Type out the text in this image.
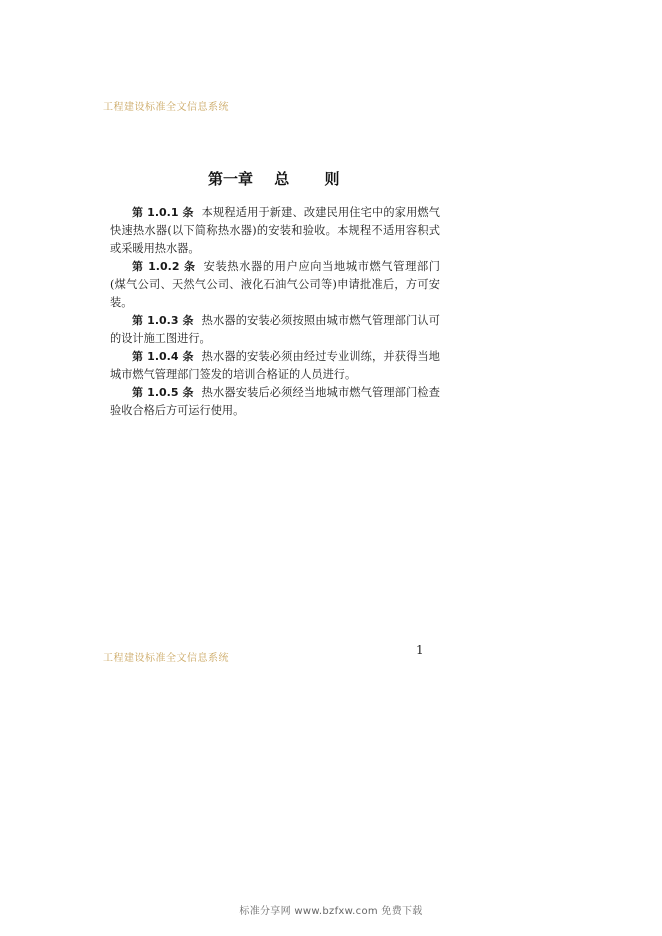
工程建设标准全文信息系统
第一章 总 则

第 1.0.1 条 本规程适用于新建、改建民用住宅中的家用燃气快速热水器(以下简称热水器)的安装和验收。本规程不适用容积式或采暖用热水器。

第 1.0.2 条 安装热水器的用户应向当地城市燃气管理部门(煤气公司、天然气公司、液化石油气公司等)申请批准后，方可安装。

第 1.0.3 条 热水器的安装必须按照由城市燃气管理部门认可的设计施工图进行。

第 1.0.4 条 热水器的安装必须由经过专业训练，并获得当地城市燃气管理部门签发的培训合格证的人员进行。

第 1.0.5 条 热水器安装后必须经当地城市燃气管理部门检查验收合格后方可运行使用。

工程建设标准全文信息系统
1
标准分享网 www.bzfxw.com 免费下载
